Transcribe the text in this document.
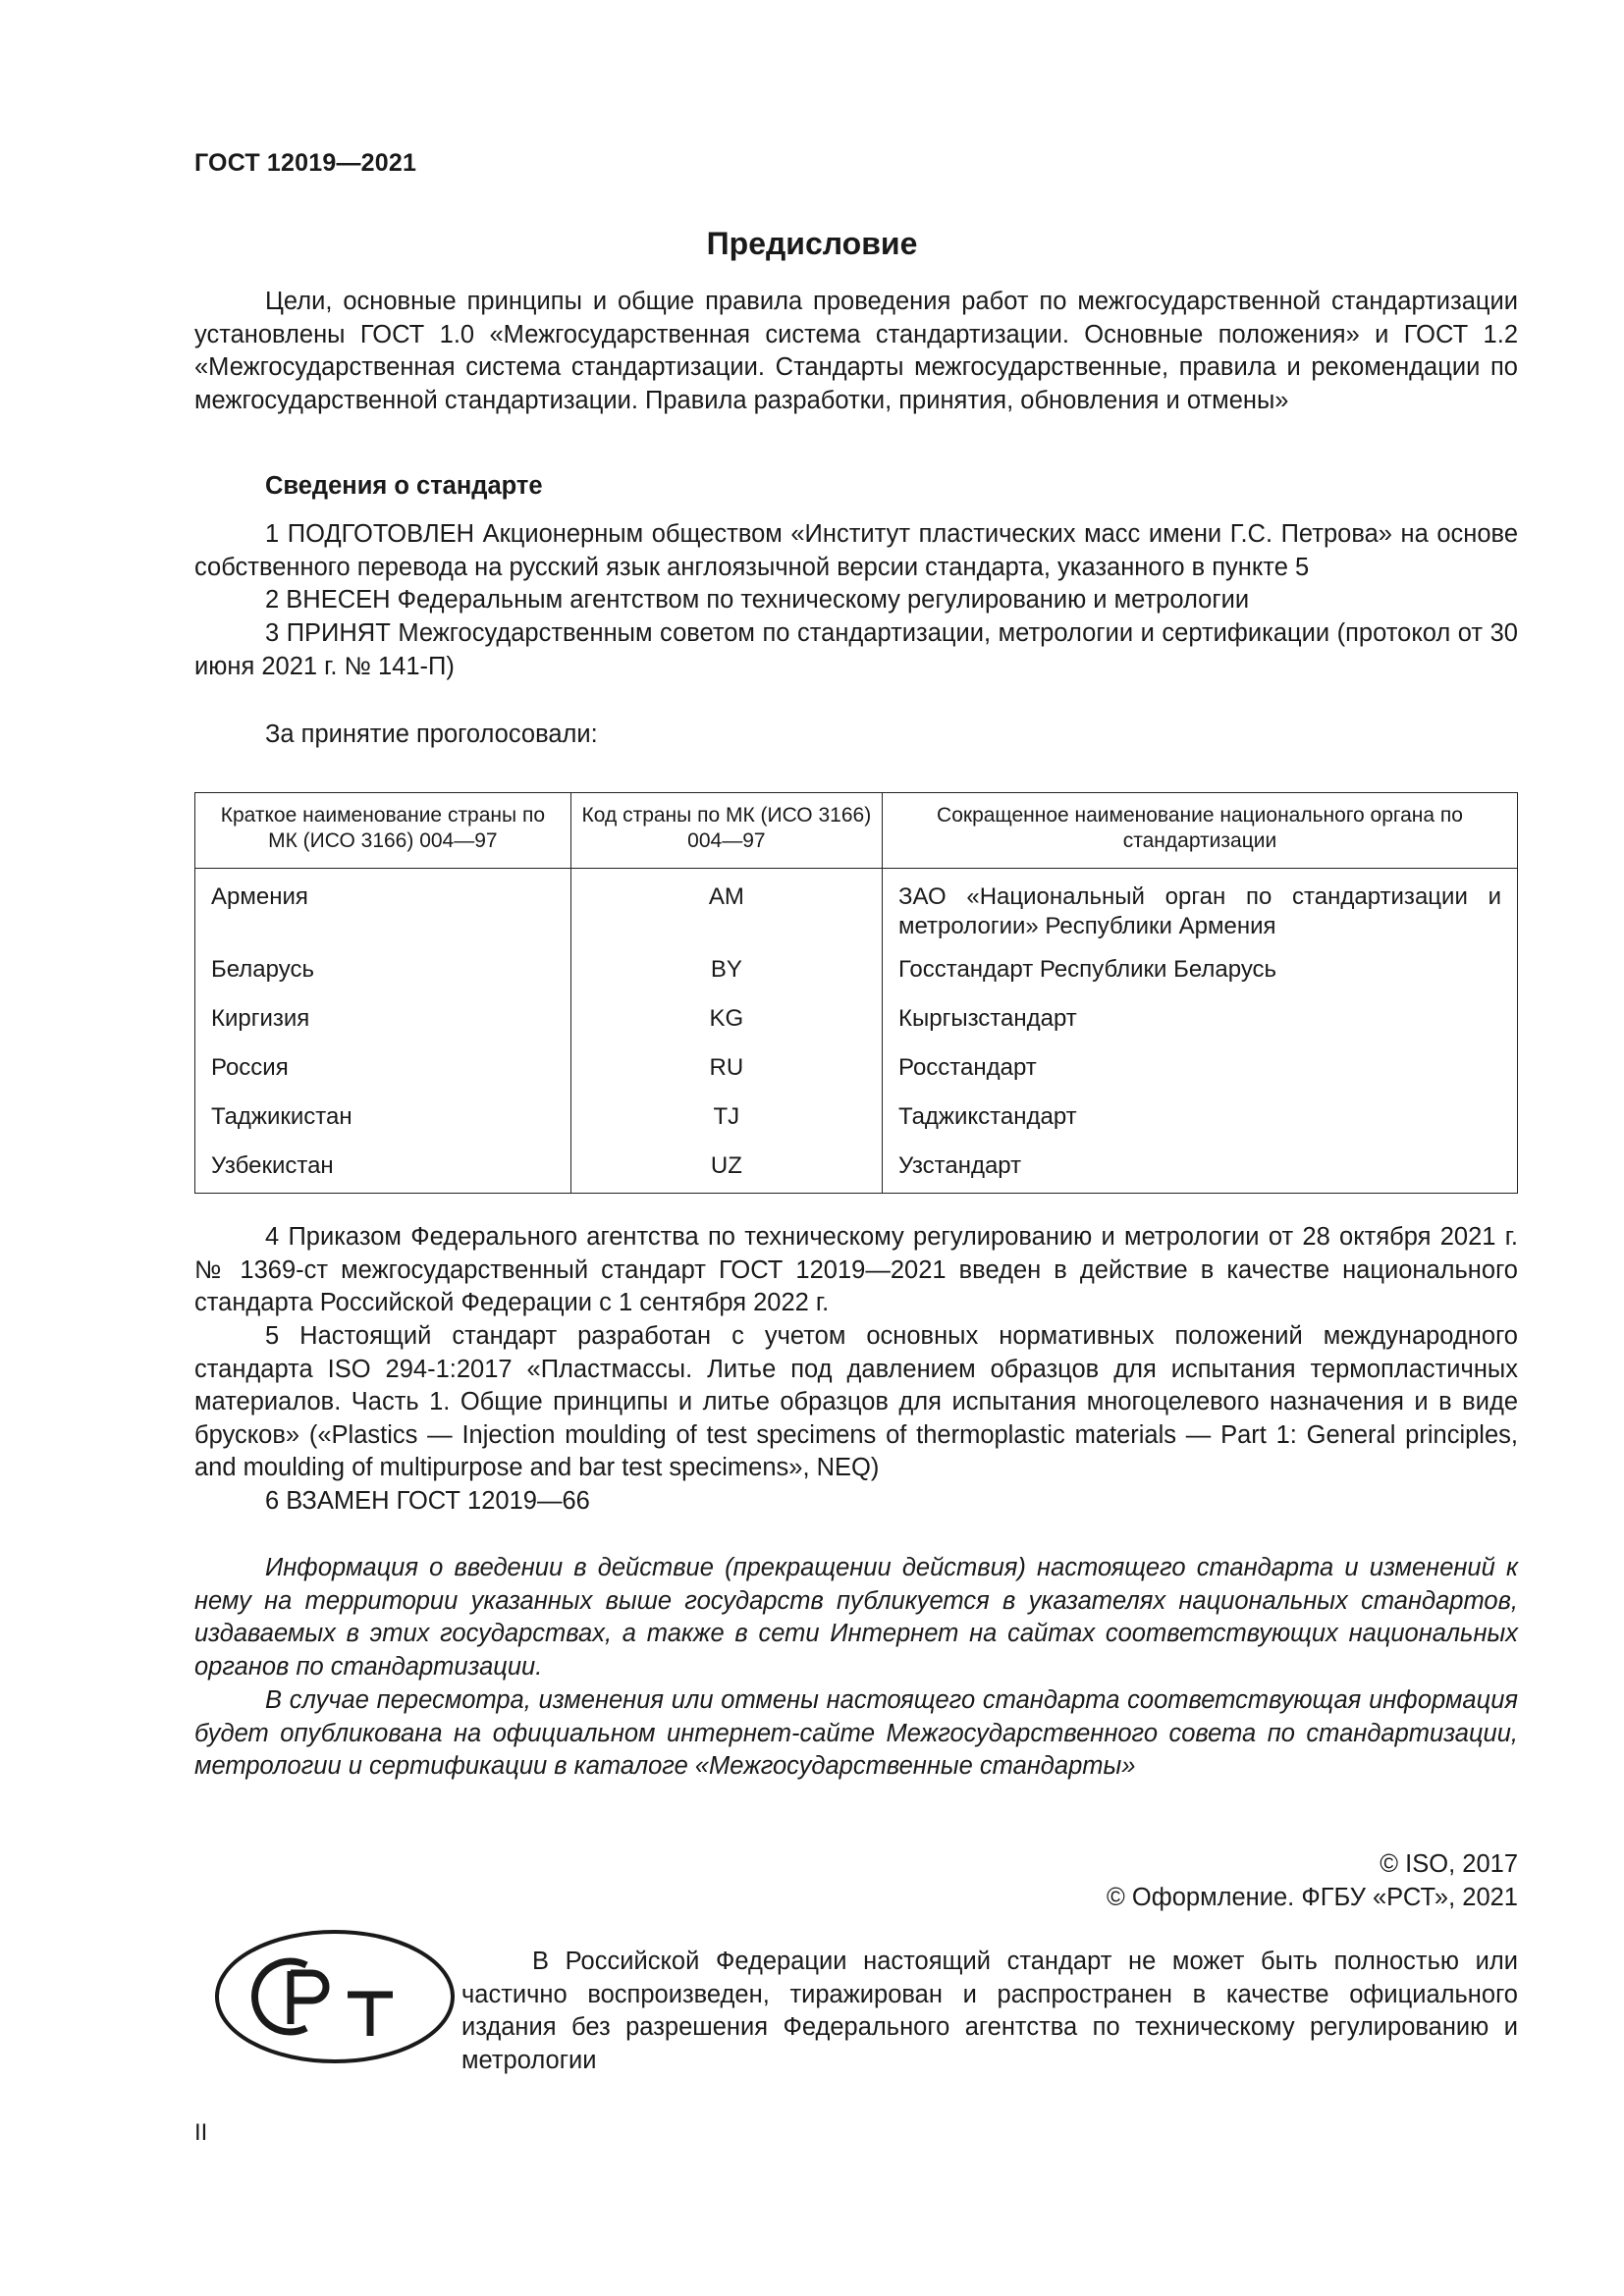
ГОСТ 12019—2021
Предисловие

Цели, основные принципы и общие правила проведения работ по межгосударственной стандартизации установлены ГОСТ 1.0 «Межгосударственная система стандартизации. Основные положения» и ГОСТ 1.2 «Межгосударственная система стандартизации. Стандарты межгосударственные, правила и рекомендации по межгосударственной стандартизации. Правила разработки, принятия, обновления и отмены»

Сведения о стандарте

1 ПОДГОТОВЛЕН Акционерным обществом «Институт пластических масс имени Г.С. Петрова» на основе собственного перевода на русский язык англоязычной версии стандарта, указанного в пункте 5

2 ВНЕСЕН Федеральным агентством по техническому регулированию и метрологии

3 ПРИНЯТ Межгосударственным советом по стандартизации, метрологии и сертификации (протокол от 30 июня 2021 г. № 141-П)

За принятие проголосовали:
Краткое наименование страны по МК (ИСО 3166) 004—97	Код страны по МК (ИСО 3166) 004—97	Сокращенное наименование национального органа по стандартизации
Армения	AM	ЗАО «Национальный орган по стандартизации и метрологии» Республики Армения
Беларусь	BY	Госстандарт Республики Беларусь
Киргизия	KG	Кыргызстандарт
Россия	RU	Росстандарт
Таджикистан	TJ	Таджикстандарт
Узбекистан	UZ	Узстандарт

4 Приказом Федерального агентства по техническому регулированию и метрологии от 28 октября 2021 г. № 1369-ст межгосударственный стандарт ГОСТ 12019—2021 введен в действие в качестве национального стандарта Российской Федерации с 1 сентября 2022 г.

5 Настоящий стандарт разработан с учетом основных нормативных положений международного стандарта ISO 294-1:2017 «Пластмассы. Литье под давлением образцов для испытания термопластичных материалов. Часть 1. Общие принципы и литье образцов для испытания многоцелевого назначения и в виде брусков» («Plastics — Injection moulding of test specimens of thermoplastic materials — Part 1: General principles, and moulding of multipurpose and bar test specimens», NEQ)

6 ВЗАМЕН ГОСТ 12019—66

Информация о введении в действие (прекращении действия) настоящего стандарта и изменений к нему на территории указанных выше государств публикуется в указателях национальных стандартов, издаваемых в этих государствах, а также в сети Интернет на сайтах соответствующих национальных органов по стандартизации.

В случае пересмотра, изменения или отмены настоящего стандарта соответствующая информация будет опубликована на официальном интернет-сайте Межгосударственного совета по стандартизации, метрологии и сертификации в каталоге «Межгосударственные стандарты»

© ISO, 2017
© Оформление. ФГБУ «РСТ», 2021

В Российской Федерации настоящий стандарт не может быть полностью или частично воспроизведен, тиражирован и распространен в качестве официального издания без разрешения Федерального агентства по техническому регулированию и метрологии

II
